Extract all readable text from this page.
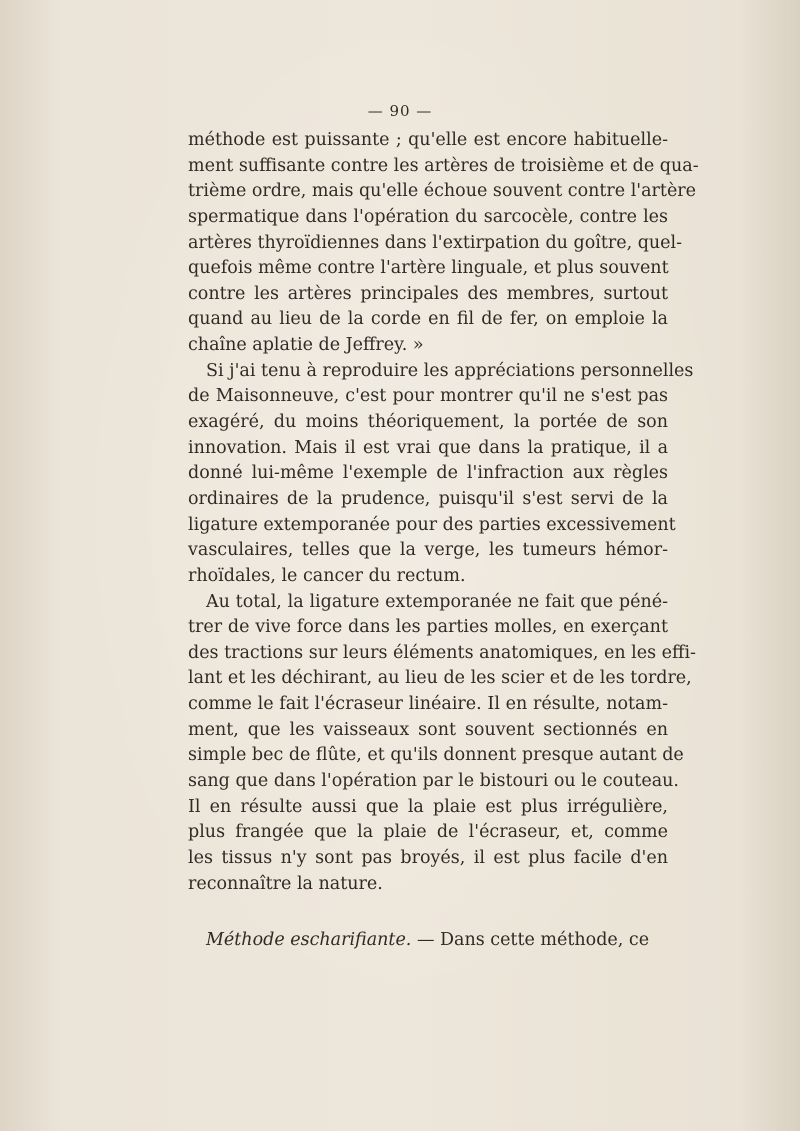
— 90 —
méthode est puissante ; qu'elle est encore habituelle-
ment suffisante contre les artères de troisième et de qua-
trième ordre, mais qu'elle échoue souvent contre l'artère
spermatique dans l'opération du sarcocèle, contre les
artères thyroïdiennes dans l'extirpation du goître, quel-
quefois même contre l'artère linguale, et plus souvent
contre les artères principales des membres, surtout
quand au lieu de la corde en fil de fer, on emploie la
chaîne aplatie de Jeffrey. »
Si j'ai tenu à reproduire les appréciations personnelles
de Maisonneuve, c'est pour montrer qu'il ne s'est pas
exagéré, du moins théoriquement, la portée de son
innovation. Mais il est vrai que dans la pratique, il a
donné lui-même l'exemple de l'infraction aux règles
ordinaires de la prudence, puisqu'il s'est servi de la
ligature extemporanée pour des parties excessivement
vasculaires, telles que la verge, les tumeurs hémor-
rhoïdales, le cancer du rectum.
Au total, la ligature extemporanée ne fait que péné-
trer de vive force dans les parties molles, en exerçant
des tractions sur leurs éléments anatomiques, en les effi-
lant et les déchirant, au lieu de les scier et de les tordre,
comme le fait l'écraseur linéaire. Il en résulte, notam-
ment, que les vaisseaux sont souvent sectionnés en
simple bec de flûte, et qu'ils donnent presque autant de
sang que dans l'opération par le bistouri ou le couteau.
Il en résulte aussi que la plaie est plus irrégulière,
plus frangée que la plaie de l'écraseur, et, comme
les tissus n'y sont pas broyés, il est plus facile d'en
reconnaître la nature.
Méthode escharifiante. — Dans cette méthode, ce
